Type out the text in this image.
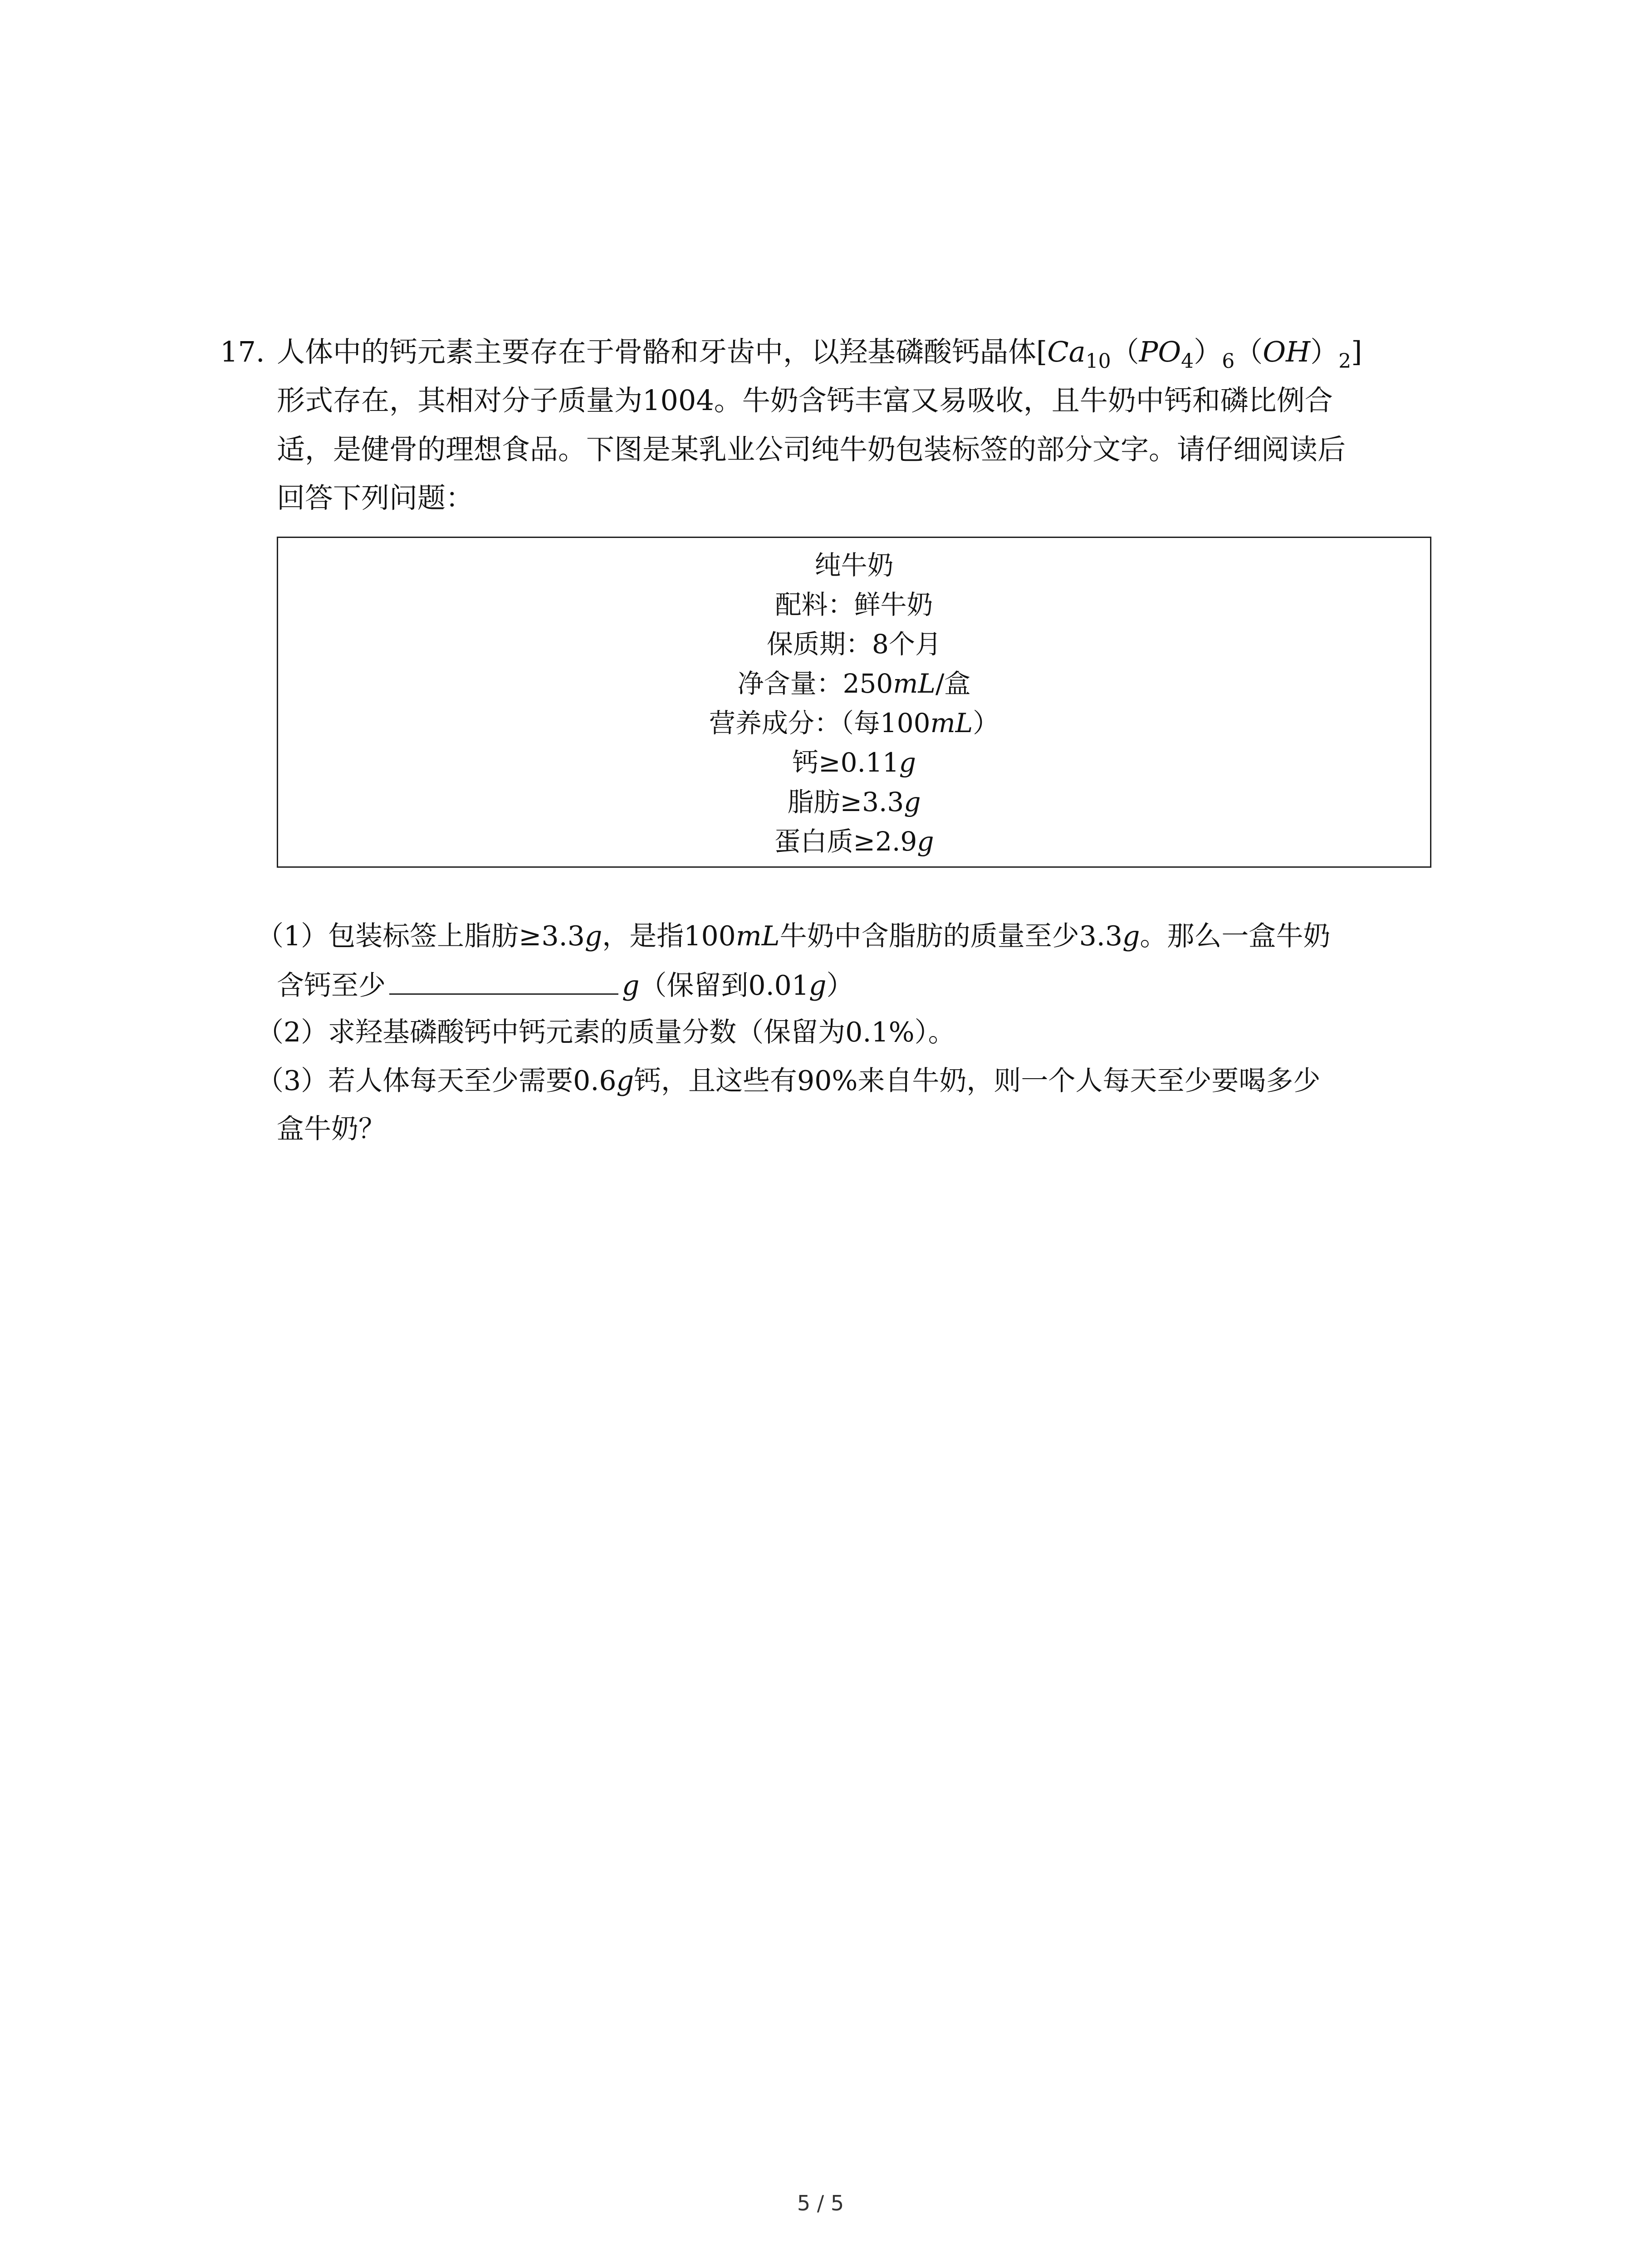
17. 人体中的钙元素主要存在于骨骼和牙齿中，以羟基磷酸钙晶体$[Ca_{10}(PO_4)_6(OH)_2]$
形式存在，其相对分子质量为1004。牛奶含钙丰富又易吸收，且牛奶中钙和磷比例合
适，是健骨的理想食品。下图是某乳业公司纯牛奶包装标签的部分文字。请仔细阅读后
回答下列问题：
纯牛奶
配料：鲜牛奶
保质期：8个月
净含量：250mL/盒
营养成分：（每100mL）
钙≥0.11g
脂肪≥3.3g
蛋白质≥2.9g
（1）包装标签上脂肪≥3.3g，是指100mL牛奶中含脂肪的质量至少3.3g。那么一盒牛奶
含钙至少	g（保留到0.01g）
（2）求羟基磷酸钙中钙元素的质量分数（保留为0.1%）。
（3）若人体每天至少需要0.6g钙，且这些有90%来自牛奶，则一个人每天至少要喝多少
盒牛奶？
5 / 5
